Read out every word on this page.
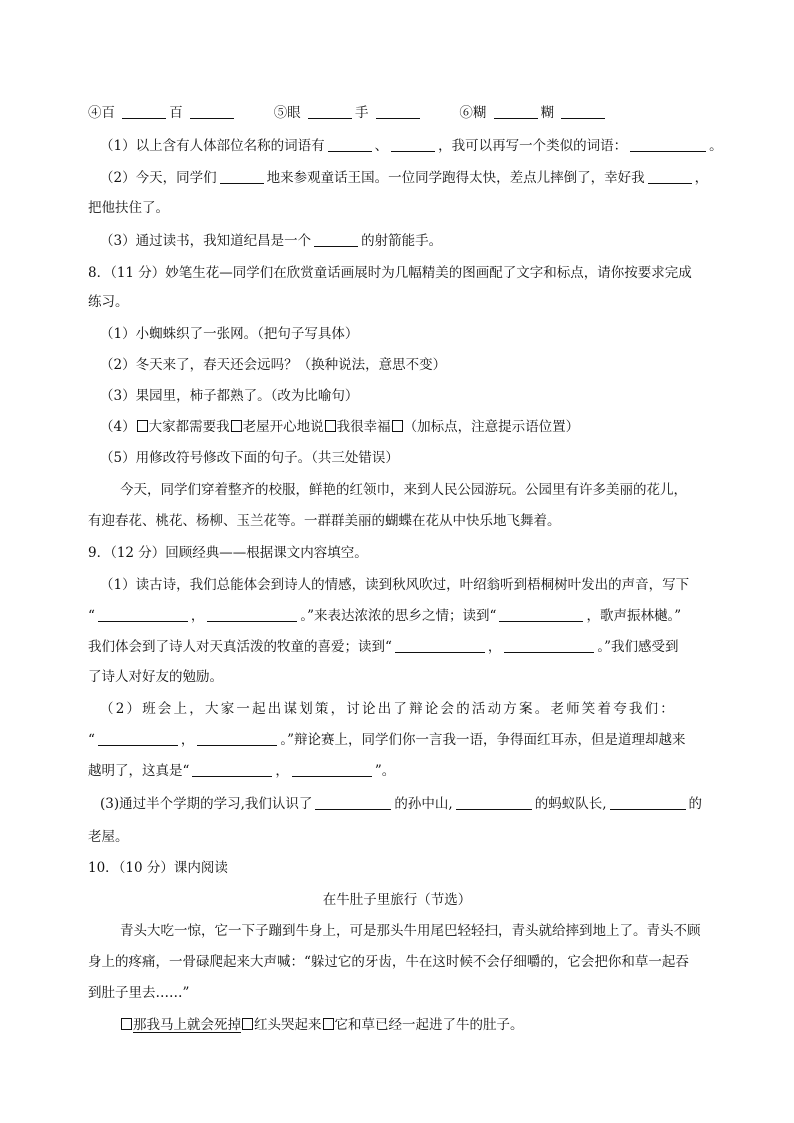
④百	百	⑤眼	手	⑥糊	糊
（1）以上含有人体部位名称的词语有	、	，我可以再写一个类似的词语：	。
（2）今天，同学们	地来参观童话王国。一位同学跑得太快，差点儿摔倒了，幸好我	，
把他扶住了。
（3）通过读书，我知道纪昌是一个	的射箭能手。
8．（11 分）妙笔生花—同学们在欣赏童话画展时为几幅精美的图画配了文字和标点，请你按要求完成
练习。
（1）小蜘蛛织了一张网。（把句子写具体）
（2）冬天来了，春天还会远吗？（换种说法，意思不变）
（3）果园里，柿子都熟了。（改为比喻句）
（4） 大家都需要我 老屋开心地说 我很幸福 （加标点，注意提示语位置）
（5）用修改符号修改下面的句子。（共三处错误）
今天，同学们穿着整齐的校服，鲜艳的红领巾，来到人民公园游玩。公园里有许多美丽的花儿，
有迎春花、桃花、杨柳、玉兰花等。一群群美丽的蝴蝶在花从中快乐地飞舞着。
9．（12 分）回顾经典——根据课文内容填空。
（1）读古诗，我们总能体会到诗人的情感，读到秋风吹过，叶绍翁听到梧桐树叶发出的声音，写下
“	，	。”来表达浓浓的思乡之情；读到“	，歌声振林樾。”
我们体会到了诗人对天真活泼的牧童的喜爱；读到“	，	。”我们感受到
了诗人对好友的勉励。
（2）班会上，大家一起出谋划策，讨论出了辩论会的活动方案。老师笑着夸我们：
“	，	。”辩论赛上，同学们你一言我一语，争得面红耳赤，但是道理却越来
越明了，这真是“	，	”。
(3)通过半个学期的学习,我们认识了	的孙中山,	的蚂蚁队长,	的
老屋。
10．（10 分）课内阅读
在牛肚子里旅行（节选）
青头大吃一惊，它一下子蹦到牛身上，可是那头牛用尾巴轻轻扫，青头就给摔到地上了。青头不顾
身上的疼痛，一骨碌爬起来大声喊：“躲过它的牙齿，牛在这时候不会仔细嚼的，它会把你和草一起吞
到肚子里去……”
那我马上就会死掉 红头哭起来 它和草已经一起进了牛的肚子。
